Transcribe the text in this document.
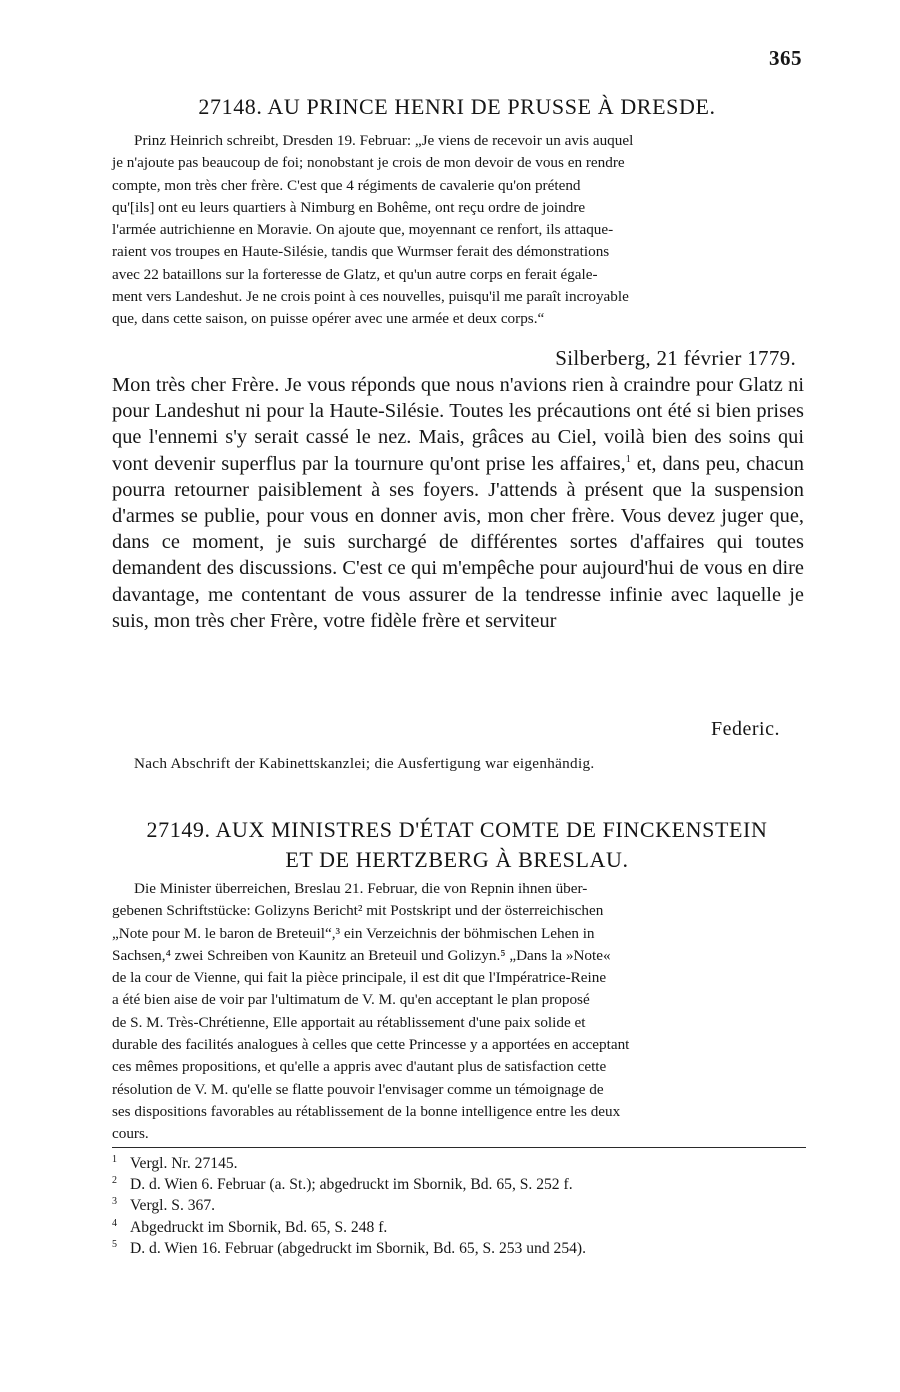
365
27148. AU PRINCE HENRI DE PRUSSE À DRESDE.
Prinz Heinrich schreibt, Dresden 19. Februar: „Je viens de recevoir un avis auquel
je n'ajoute pas beaucoup de foi; nonobstant je crois de mon devoir de vous en rendre
compte, mon très cher frère. C'est que 4 régiments de cavalerie qu'on prétend
qu'[ils] ont eu leurs quartiers à Nimburg en Bohême, ont reçu ordre de joindre
l'armée autrichienne en Moravie. On ajoute que, moyennant ce renfort, ils attaque-
raient vos troupes en Haute-Silésie, tandis que Wurmser ferait des démonstrations
avec 22 bataillons sur la forteresse de Glatz, et qu'un autre corps en ferait égale-
ment vers Landeshut. Je ne crois point à ces nouvelles, puisqu'il me paraît incroyable
que, dans cette saison, on puisse opérer avec une armée et deux corps.“
Silberberg, 21 février 1779.

Mon très cher Frère. Je vous réponds que nous n'avions rien à craindre pour Glatz ni pour Landeshut ni pour la Haute-Silésie. Toutes les précautions ont été si bien prises que l'ennemi s'y serait cassé le nez. Mais, grâces au Ciel, voilà bien des soins qui vont devenir superflus par la tournure qu'ont prise les affaires,$^1$ et, dans peu, chacun pourra retourner paisiblement à ses foyers. J'attends à présent que la suspension d'armes se publie, pour vous en donner avis, mon cher frère. Vous devez juger que, dans ce moment, je suis surchargé de différentes sortes d'affaires qui toutes demandent des discussions. C'est ce qui m'empêche pour aujourd'hui de vous en dire davantage, me contentant de vous assurer de la tendresse infinie avec laquelle je suis, mon très cher Frère, votre fidèle frère et serviteur

Federic.
Nach Abschrift der Kabinettskanzlei; die Ausfertigung war eigenhändig.
27149. AUX MINISTRES D'ÉTAT COMTE DE FINCKENSTEIN
ET DE HERTZBERG À BRESLAU.
Die Minister überreichen, Breslau 21. Februar, die von Repnin ihnen über-
gebenen Schriftstücke: Golizyns Bericht² mit Postskript und der österreichischen
„Note pour M. le baron de Breteuil“,³ ein Verzeichnis der böhmischen Lehen in
Sachsen,⁴ zwei Schreiben von Kaunitz an Breteuil und Golizyn.⁵ „Dans la »Note«
de la cour de Vienne, qui fait la pièce principale, il est dit que l'Impératrice-Reine
a été bien aise de voir par l'ultimatum de V. M. qu'en acceptant le plan proposé
de S. M. Très-Chrétienne, Elle apportait au rétablissement d'une paix solide et
durable des facilités analogues à celles que cette Princesse y a apportées en acceptant
ces mêmes propositions, et qu'elle a appris avec d'autant plus de satisfaction cette
résolution de V. M. qu'elle se flatte pouvoir l'envisager comme un témoignage de
ses dispositions favorables au rétablissement de la bonne intelligence entre les deux
cours.
$^1$ Vergl. Nr. 27145.
$^2$ D. d. Wien 6. Februar (a. St.); abgedruckt im Sbornik, Bd. 65, S. 252 f.
$^3$ Vergl. S. 367.
$^4$ Abgedruckt im Sbornik, Bd. 65, S. 248 f.
$^5$ D. d. Wien 16. Februar (abgedruckt im Sbornik, Bd. 65, S. 253 und 254).
